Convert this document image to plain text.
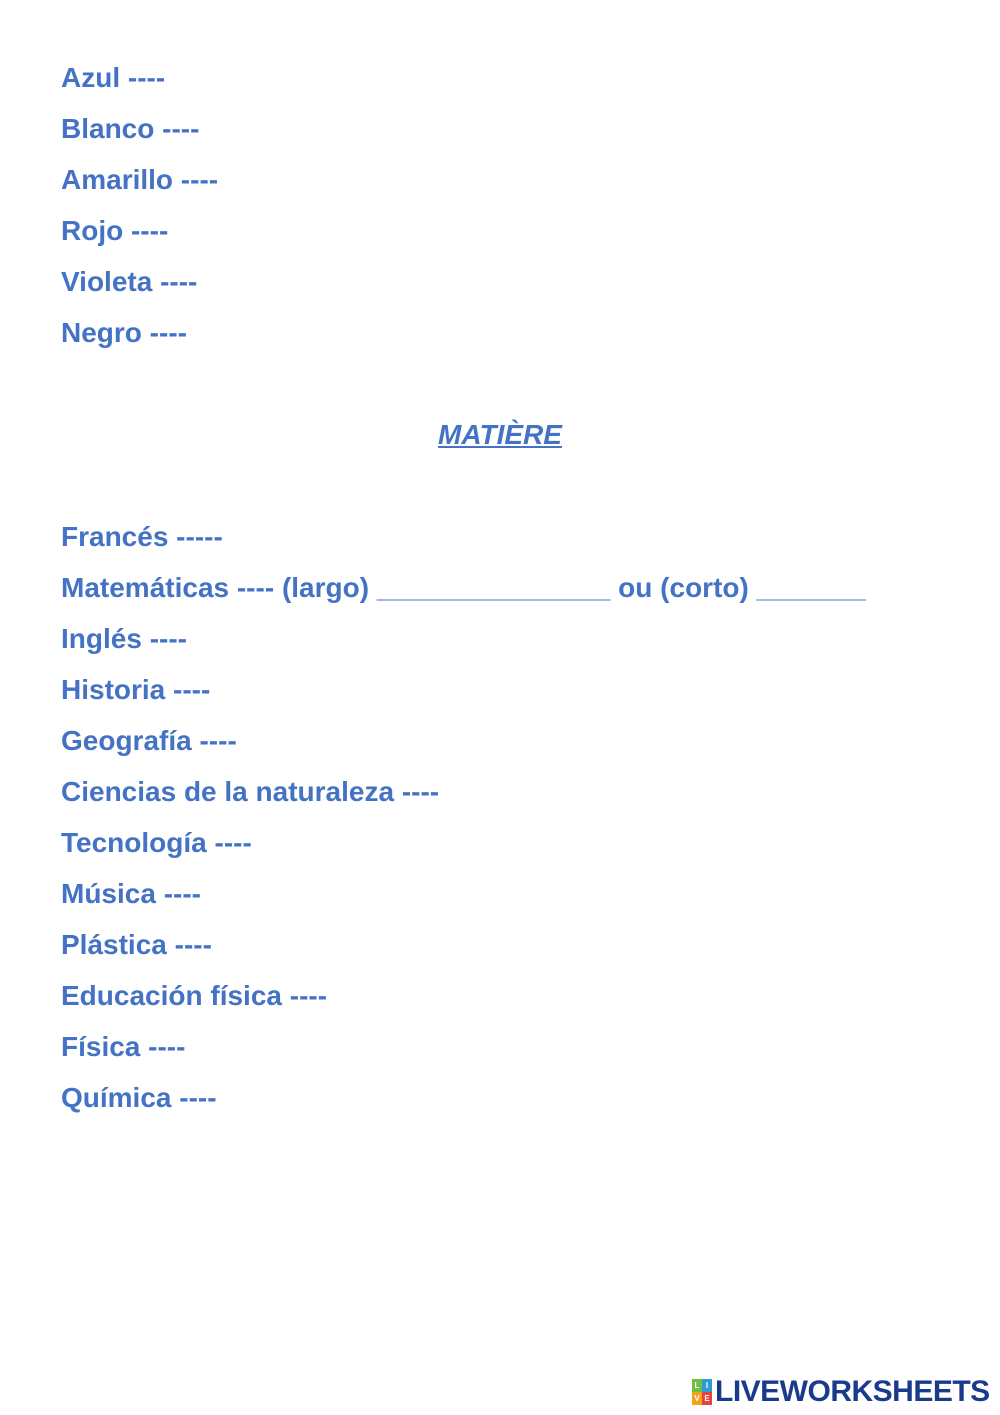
Azul ----
Blanco ----
Amarillo ----
Rojo ----
Violeta ----
Negro ----
MATIÈRE
Francés -----
Matemáticas ---- (largo) _______________ ou (corto) _______
Inglés ----
Historia ----
Geografía ----
Ciencias de la naturaleza ----
Tecnología ----
Música ----
Plástica ----
Educación física ----
Física ----
Química ----
L I
V E LIVEWORKSHEETS
